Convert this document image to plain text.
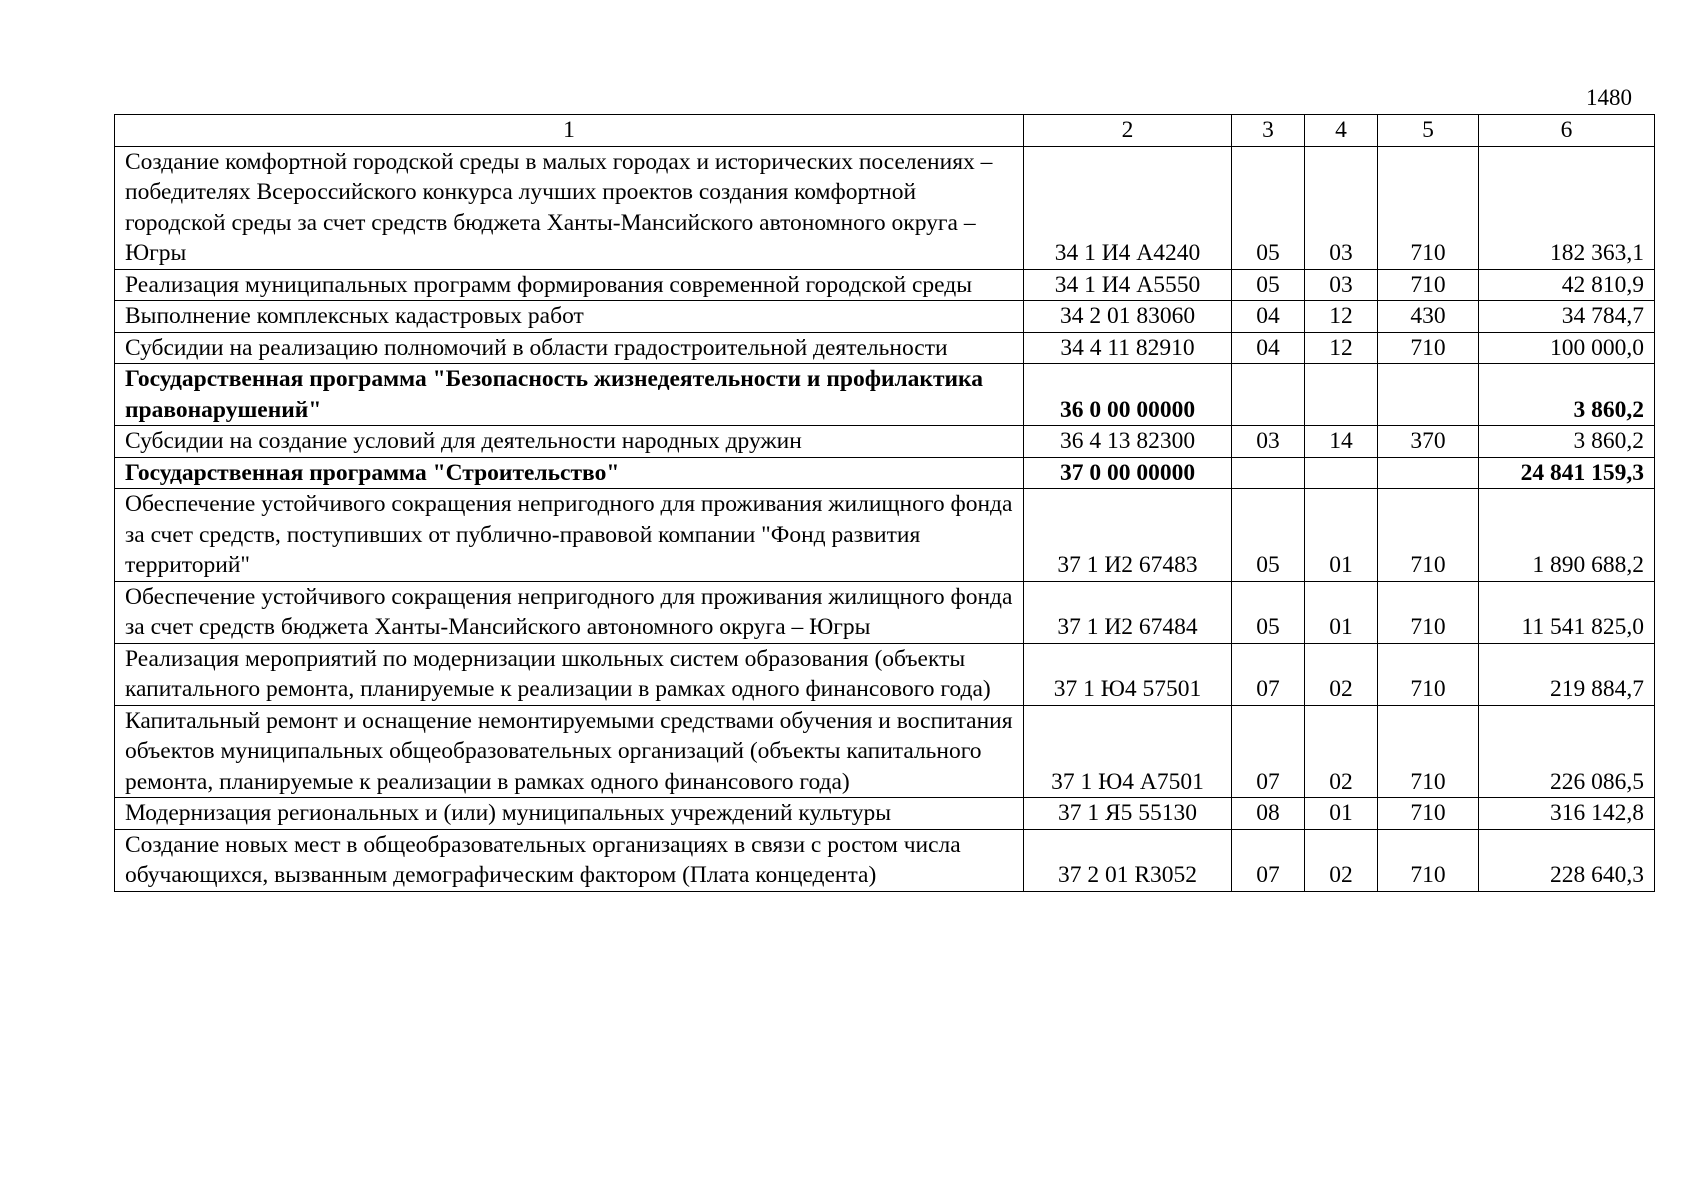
1480
1	2	3	4	5	6
Создание комфортной городской среды в малых городах и исторических поселениях – победителях Всероссийского конкурса лучших проектов создания комфортной городской среды за счет средств бюджета Ханты-Мансийского автономного округа – Югры	34 1 И4 А4240	05	03	710	182 363,1
Реализация муниципальных программ формирования современной городской среды	34 1 И4 А5550	05	03	710	42 810,9
Выполнение комплексных кадастровых работ	34 2 01 83060	04	12	430	34 784,7
Субсидии на реализацию полномочий в области градостроительной деятельности	34 4 11 82910	04	12	710	100 000,0
Государственная программа "Безопасность жизнедеятельности и профилактика правонарушений"	36 0 00 00000				3 860,2
Субсидии на создание условий для деятельности народных дружин	36 4 13 82300	03	14	370	3 860,2
Государственная программа "Строительство"	37 0 00 00000				24 841 159,3
Обеспечение устойчивого сокращения непригодного для проживания жилищного фонда за счет средств, поступивших от публично-правовой компании "Фонд развития территорий"	37 1 И2 67483	05	01	710	1 890 688,2
Обеспечение устойчивого сокращения непригодного для проживания жилищного фонда за счет средств бюджета Ханты-Мансийского автономного округа – Югры	37 1 И2 67484	05	01	710	11 541 825,0
Реализация мероприятий по модернизации школьных систем образования (объекты капитального ремонта, планируемые к реализации в рамках одного финансового года)	37 1 Ю4 57501	07	02	710	219 884,7
Капитальный ремонт и оснащение немонтируемыми средствами обучения и воспитания объектов муниципальных общеобразовательных организаций (объекты капитального ремонта, планируемые к реализации в рамках одного финансового года)	37 1 Ю4 А7501	07	02	710	226 086,5
Модернизация региональных и (или) муниципальных учреждений культуры	37 1 Я5 55130	08	01	710	316 142,8
Создание новых мест в общеобразовательных организациях в связи с ростом числа обучающихся, вызванным демографическим фактором (Плата концедента)	37 2 01 R3052	07	02	710	228 640,3
